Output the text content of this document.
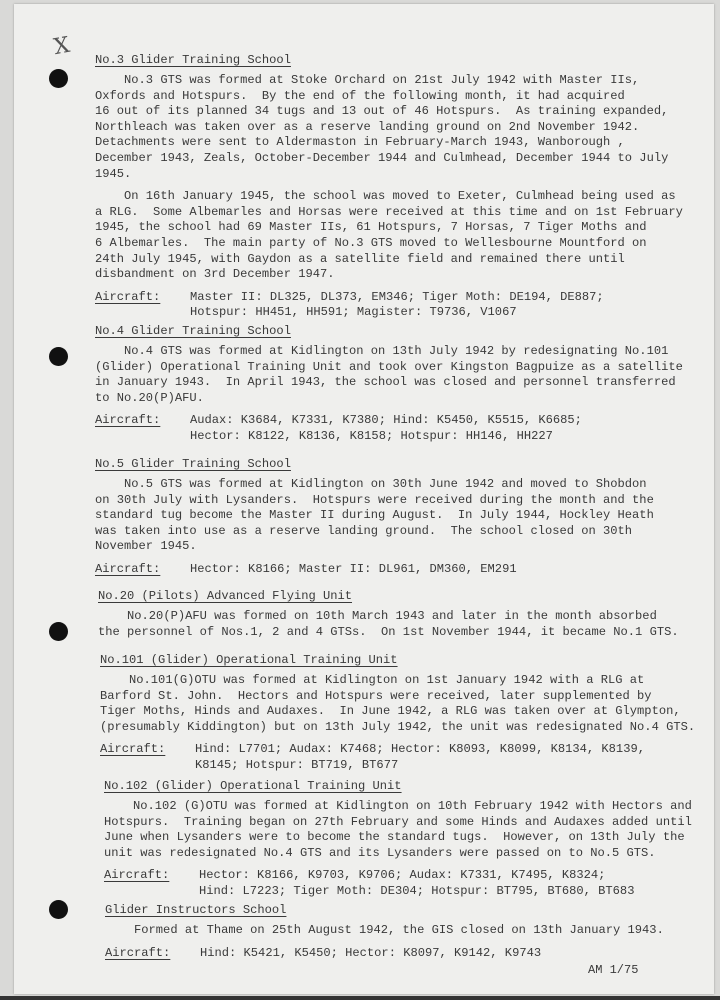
X No.3 Glider Training School
No.3 GTS was formed at Stoke Orchard on 21st July 1942 with Master IIs,
Oxfords and Hotspurs.  By the end of the following month, it had acquired
16 out of its planned 34 tugs and 13 out of 46 Hotspurs.  As training expanded,
Northleach was taken over as a reserve landing ground on 2nd November 1942.
Detachments were sent to Aldermaston in February-March 1943, Wanborough ,
December 1943, Zeals, October-December 1944 and Culmhead, December 1944 to July
1945.
On 16th January 1945, the school was moved to Exeter, Culmhead being used as
a RLG.  Some Albemarles and Horsas were received at this time and on 1st February
1945, the school had 69 Master IIs, 61 Hotspurs, 7 Horsas, 7 Tiger Moths and
6 Albemarles.  The main party of No.3 GTS moved to Wellesbourne Mountford on
24th July 1945, with Gaydon as a satellite field and remained there until
disbandment on 3rd December 1947.
Aircraft:	Master II: DL325, DL373, EM346; Tiger Moth: DE194, DE887;
Hotspur: HH451, HH591; Magister: T9736, V1067
No.4 Glider Training School
No.4 GTS was formed at Kidlington on 13th July 1942 by redesignating No.101
(Glider) Operational Training Unit and took over Kingston Bagpuize as a satellite
in January 1943.  In April 1943, the school was closed and personnel transferred
to No.20(P)AFU.
Aircraft:	Audax: K3684, K7331, K7380; Hind: K5450, K5515, K6685;
Hector: K8122, K8136, K8158; Hotspur: HH146, HH227
No.5 Glider Training School
No.5 GTS was formed at Kidlington on 30th June 1942 and moved to Shobdon
on 30th July with Lysanders.  Hotspurs were received during the month and the
standard tug become the Master II during August.  In July 1944, Hockley Heath
was taken into use as a reserve landing ground.  The school closed on 30th
November 1945.
Aircraft:	Hector: K8166; Master II: DL961, DM360, EM291
No.20 (Pilots) Advanced Flying Unit
No.20(P)AFU was formed on 10th March 1943 and later in the month absorbed
the personnel of Nos.1, 2 and 4 GTSs.  On 1st November 1944, it became No.1 GTS.
No.101 (Glider) Operational Training Unit
No.101(G)OTU was formed at Kidlington on 1st January 1942 with a RLG at
Barford St. John.  Hectors and Hotspurs were received, later supplemented by
Tiger Moths, Hinds and Audaxes.  In June 1942, a RLG was taken over at Glympton,
(presumably Kiddington) but on 13th July 1942, the unit was redesignated No.4 GTS.
Aircraft:	Hind: L7701; Audax: K7468; Hector: K8093, K8099, K8134, K8139,
K8145; Hotspur: BT719, BT677
No.102 (Glider) Operational Training Unit
No.102 (G)OTU was formed at Kidlington on 10th February 1942 with Hectors and
Hotspurs.  Training began on 27th February and some Hinds and Audaxes added until
June when Lysanders were to become the standard tugs.  However, on 13th July the
unit was redesignated No.4 GTS and its Lysanders were passed on to No.5 GTS.
Aircraft:	Hector: K8166, K9703, K9706; Audax: K7331, K7495, K8324;
Hind: L7223; Tiger Moth: DE304; Hotspur: BT795, BT680, BT683
Glider Instructors School
Formed at Thame on 25th August 1942, the GIS closed on 13th January 1943.
Aircraft:	Hind: K5421, K5450; Hector: K8097, K9142, K9743
AM 1/75
